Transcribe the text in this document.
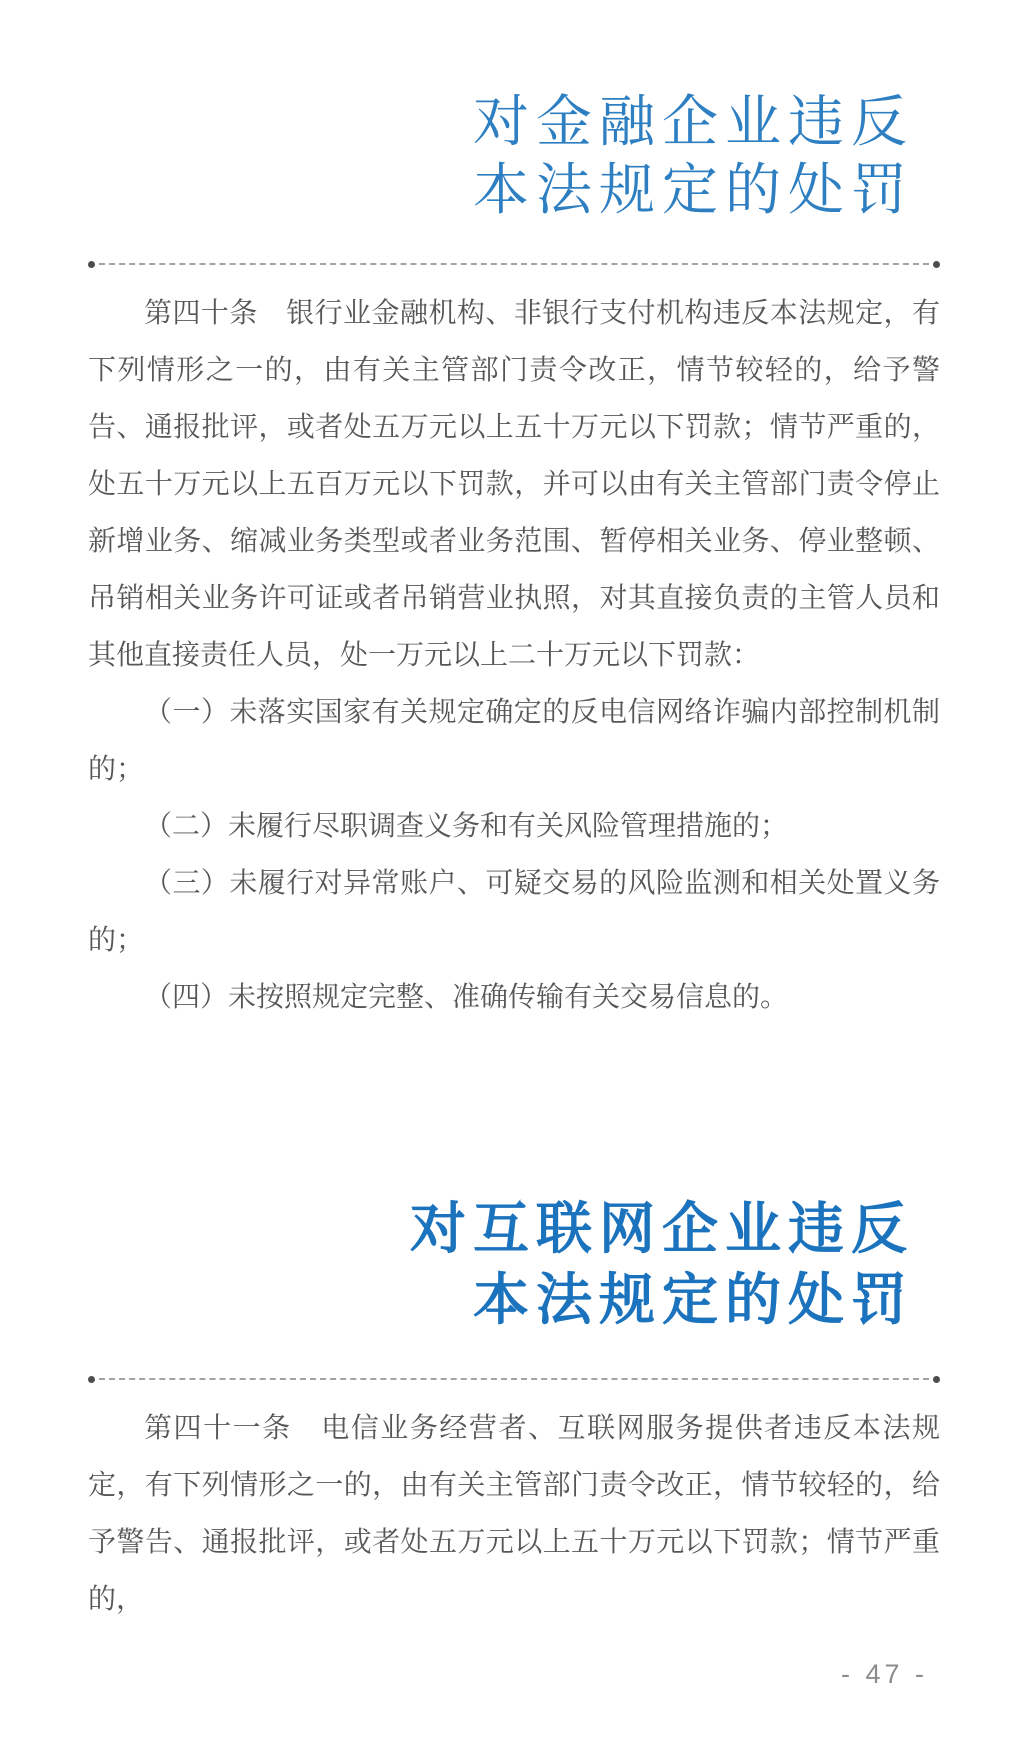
对金融企业违反
本法规定的处罚

第四十条　银行业金融机构、非银行支付机构违反本法规定，有下列情形之一的，由有关主管部门责令改正，情节较轻的，给予警告、通报批评，或者处五万元以上五十万元以下罚款；情节严重的，处五十万元以上五百万元以下罚款，并可以由有关主管部门责令停止新增业务、缩减业务类型或者业务范围、暂停相关业务、停业整顿、吊销相关业务许可证或者吊销营业执照，对其直接负责的主管人员和其他直接责任人员，处一万元以上二十万元以下罚款：

（一）未落实国家有关规定确定的反电信网络诈骗内部控制机制的；

（二）未履行尽职调查义务和有关风险管理措施的；

（三）未履行对异常账户、可疑交易的风险监测和相关处置义务的；

（四）未按照规定完整、准确传输有关交易信息的。

对互联网企业违反
本法规定的处罚

第四十一条　电信业务经营者、互联网服务提供者违反本法规定，有下列情形之一的，由有关主管部门责令改正，情节较轻的，给予警告、通报批评，或者处五万元以上五十万元以下罚款；情节严重的，

- 47 -
